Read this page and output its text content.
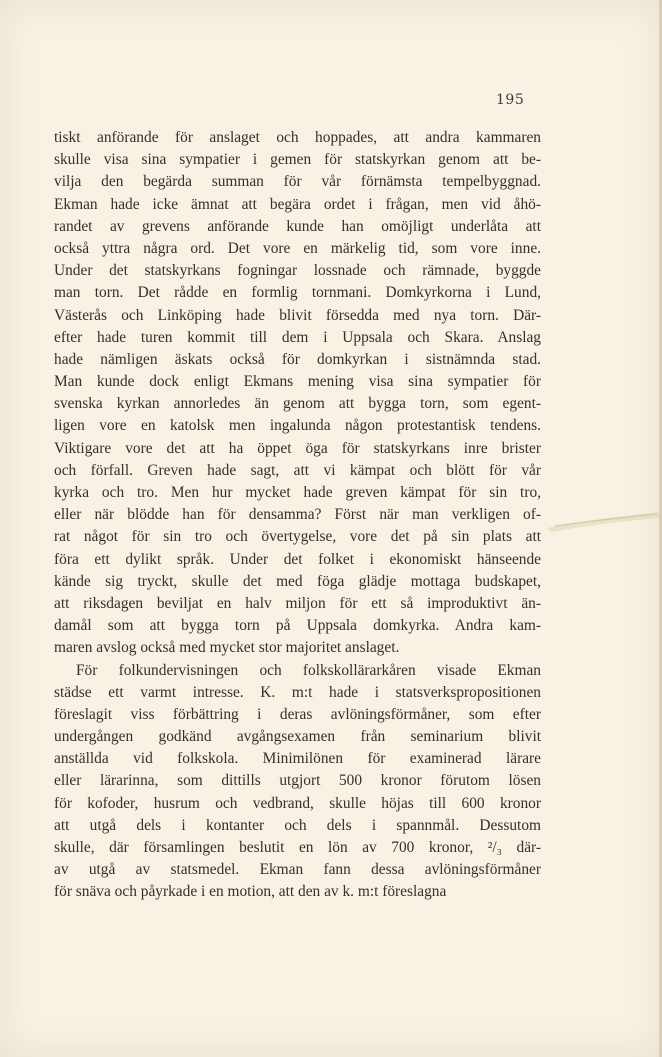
195
tiskt anförande för anslaget och hoppades, att andra kammaren
skulle visa sina sympatier i gemen för statskyrkan genom att be-
vilja den begärda summan för vår förnämsta tempelbyggnad.
Ekman hade icke ämnat att begära ordet i frågan, men vid åhö-
randet av grevens anförande kunde han omöjligt underlåta att
också yttra några ord. Det vore en märkelig tid, som vore inne.
Under det statskyrkans fogningar lossnade och rämnade, byggde
man torn. Det rådde en formlig tornmani. Domkyrkorna i Lund,
Västerås och Linköping hade blivit försedda med nya torn. Där-
efter hade turen kommit till dem i Uppsala och Skara. Anslag
hade nämligen äskats också för domkyrkan i sistnämnda stad.
Man kunde dock enligt Ekmans mening visa sina sympatier för
svenska kyrkan annorledes än genom att bygga torn, som egent-
ligen vore en katolsk men ingalunda någon protestantisk tendens.
Viktigare vore det att ha öppet öga för statskyrkans inre brister
och förfall. Greven hade sagt, att vi kämpat och blött för vår
kyrka och tro. Men hur mycket hade greven kämpat för sin tro,
eller när blödde han för densamma? Först när man verkligen of-
rat något för sin tro och övertygelse, vore det på sin plats att
föra ett dylikt språk. Under det folket i ekonomiskt hänseende
kände sig tryckt, skulle det med föga glädje mottaga budskapet,
att riksdagen beviljat en halv miljon för ett så improduktivt än-
damål som att bygga torn på Uppsala domkyrka. Andra kam-
maren avslog också med mycket stor majoritet anslaget.
För folkundervisningen och folkskollärarkåren visade Ekman
städse ett varmt intresse. K. m:t hade i statsverkspropositionen
föreslagit viss förbättring i deras avlöningsförmåner, som efter
undergången godkänd avgångsexamen från seminarium blivit
anställda vid folkskola. Minimilönen för examinerad lärare
eller lärarinna, som dittills utgjort 500 kronor förutom lösen
för kofoder, husrum och vedbrand, skulle höjas till 600 kronor
att utgå dels i kontanter och dels i spannmål. Dessutom
skulle, där församlingen beslutit en lön av 700 kronor, ²/₃ där-
av utgå av statsmedel. Ekman fann dessa avlöningsförmåner
för snäva och påyrkade i en motion, att den av k. m:t föreslagna
